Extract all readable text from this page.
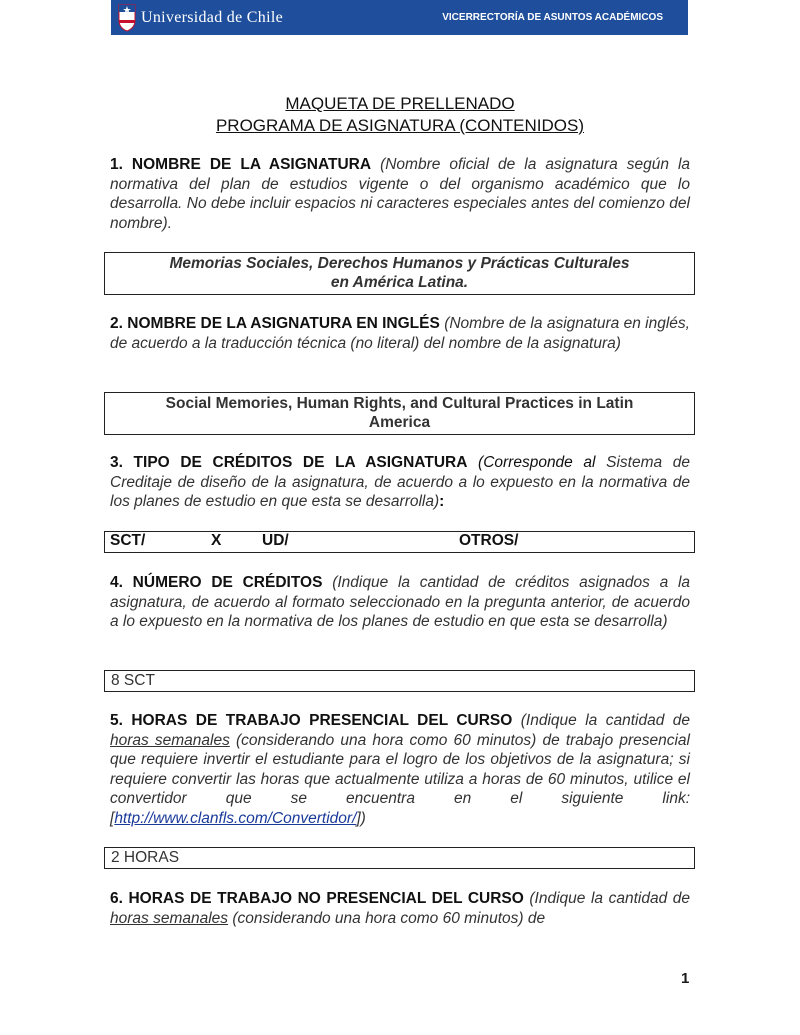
Universidad de Chile	VICERRECTORÍA DE ASUNTOS ACADÉMICOS
MAQUETA DE PRELLENADO
PROGRAMA DE ASIGNATURA (CONTENIDOS)
1. NOMBRE DE LA ASIGNATURA (Nombre oficial de la asignatura según la normativa del plan de estudios vigente o del organismo académico que lo desarrolla. No debe incluir espacios ni caracteres especiales antes del comienzo del nombre).
Memorias Sociales, Derechos Humanos y Prácticas Culturales
en América Latina.
2. NOMBRE DE LA ASIGNATURA EN INGLÉS (Nombre de la asignatura en inglés, de acuerdo a la traducción técnica (no literal) del nombre de la asignatura)
Social Memories, Human Rights, and Cultural Practices in Latin
America
3. TIPO DE CRÉDITOS DE LA ASIGNATURA (Corresponde al Sistema de Creditaje de diseño de la asignatura, de acuerdo a lo expuesto en la normativa de los planes de estudio en que esta se desarrolla):
SCT/	X	UD/	OTROS/
4. NÚMERO DE CRÉDITOS (Indique la cantidad de créditos asignados a la asignatura, de acuerdo al formato seleccionado en la pregunta anterior, de acuerdo a lo expuesto en la normativa de los planes de estudio en que esta se desarrolla)
8 SCT
5. HORAS DE TRABAJO PRESENCIAL DEL CURSO (Indique la cantidad de horas semanales (considerando una hora como 60 minutos) de trabajo presencial que requiere invertir el estudiante para el logro de los objetivos de la asignatura; si requiere convertir las horas que actualmente utiliza a horas de 60 minutos, utilice el convertidor que se encuentra en el siguiente link: [http://www.clanfls.com/Convertidor/])
2 HORAS
6. HORAS DE TRABAJO NO PRESENCIAL DEL CURSO (Indique la cantidad de horas semanales (considerando una hora como 60 minutos) de
1
